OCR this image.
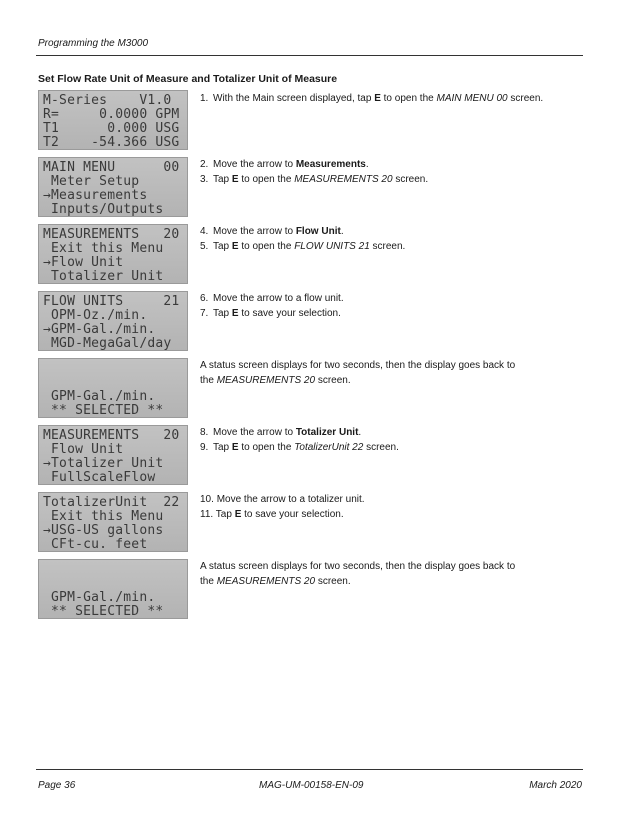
Programming the M3000
Set Flow Rate Unit of Measure and Totalizer Unit of Measure
M-Series    V1.0
R=     0.0000 GPM
T1      0.000 USG
T2    -54.366 USG
MAIN MENU      00
Meter Setup
→Measurements
Inputs/Outputs
MEASUREMENTS   20
Exit this Menu
→Flow Unit
Totalizer Unit
FLOW UNITS     21
OPM-Oz./min.
→GPM-Gal./min.
MGD-MegaGal/day
GPM-Gal./min.
** SELECTED **
MEASUREMENTS   20
Flow Unit
→Totalizer Unit
FullScaleFlow
TotalizerUnit  22
Exit this Menu
→USG-US gallons
CFt-cu. feet
GPM-Gal./min.
** SELECTED **
1. With the Main screen displayed, tap E to open the MAIN MENU 00 screen.
2. Move the arrow to Measurements.
3. Tap E to open the MEASUREMENTS 20 screen.
4. Move the arrow to Flow Unit.
5. Tap E to open the FLOW UNITS 21 screen.
6. Move the arrow to a flow unit.
7. Tap E to save your selection.
A status screen displays for two seconds, then the display goes back to the MEASUREMENTS 20 screen.
8. Move the arrow to Totalizer Unit.
9. Tap E to open the TotalizerUnit 22 screen.
10. Move the arrow to a totalizer unit.
11. Tap E to save your selection.
A status screen displays for two seconds, then the display goes back to the MEASUREMENTS 20 screen.
Page 36	MAG-UM-00158-EN-09	March 2020
